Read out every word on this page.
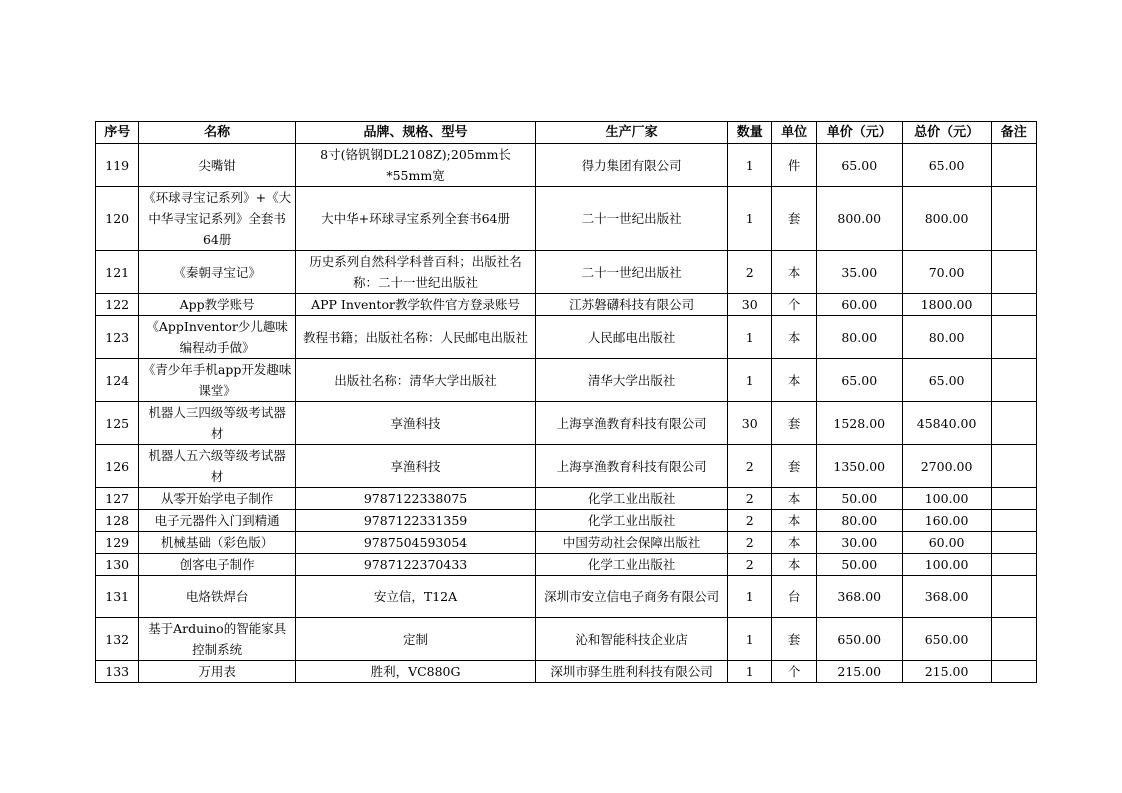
序号	名称	品牌、规格、型号	生产厂家	数量	单位	单价（元）	总价（元）	备注
119	尖嘴钳	8寸(铬钒钢DL2108Z);205mm长*55mm宽	得力集团有限公司	1	件	65.00	65.00	
120	《环球寻宝记系列》+《大中华寻宝记系列》全套书64册	大中华+环球寻宝系列全套书64册	二十一世纪出版社	1	套	800.00	800.00	
121	《秦朝寻宝记》	历史系列自然科学科普百科；出版社名称：二十一世纪出版社	二十一世纪出版社	2	本	35.00	70.00	
122	App教学账号	APP Inventor教学软件官方登录账号	江苏磐礴科技有限公司	30	个	60.00	1800.00	
123	《AppInventor少儿趣味编程动手做》	教程书籍；出版社名称：人民邮电出版社	人民邮电出版社	1	本	80.00	80.00	
124	《青少年手机app开发趣味课堂》	出版社名称：清华大学出版社	清华大学出版社	1	本	65.00	65.00	
125	机器人三四级等级考试器材	享渔科技	上海享渔教育科技有限公司	30	套	1528.00	45840.00	
126	机器人五六级等级考试器材	享渔科技	上海享渔教育科技有限公司	2	套	1350.00	2700.00	
127	从零开始学电子制作	9787122338075	化学工业出版社	2	本	50.00	100.00	
128	电子元器件入门到精通	9787122331359	化学工业出版社	2	本	80.00	160.00	
129	机械基础（彩色版）	9787504593054	中国劳动社会保障出版社	2	本	30.00	60.00	
130	创客电子制作	9787122370433	化学工业出版社	2	本	50.00	100.00	
131	电烙铁焊台	安立信，T12A	深圳市安立信电子商务有限公司	1	台	368.00	368.00	
132	基于Arduino的智能家具控制系统	定制	沁和智能科技企业店	1	套	650.00	650.00	
133	万用表	胜利，VC880G	深圳市驿生胜利科技有限公司	1	个	215.00	215.00	
